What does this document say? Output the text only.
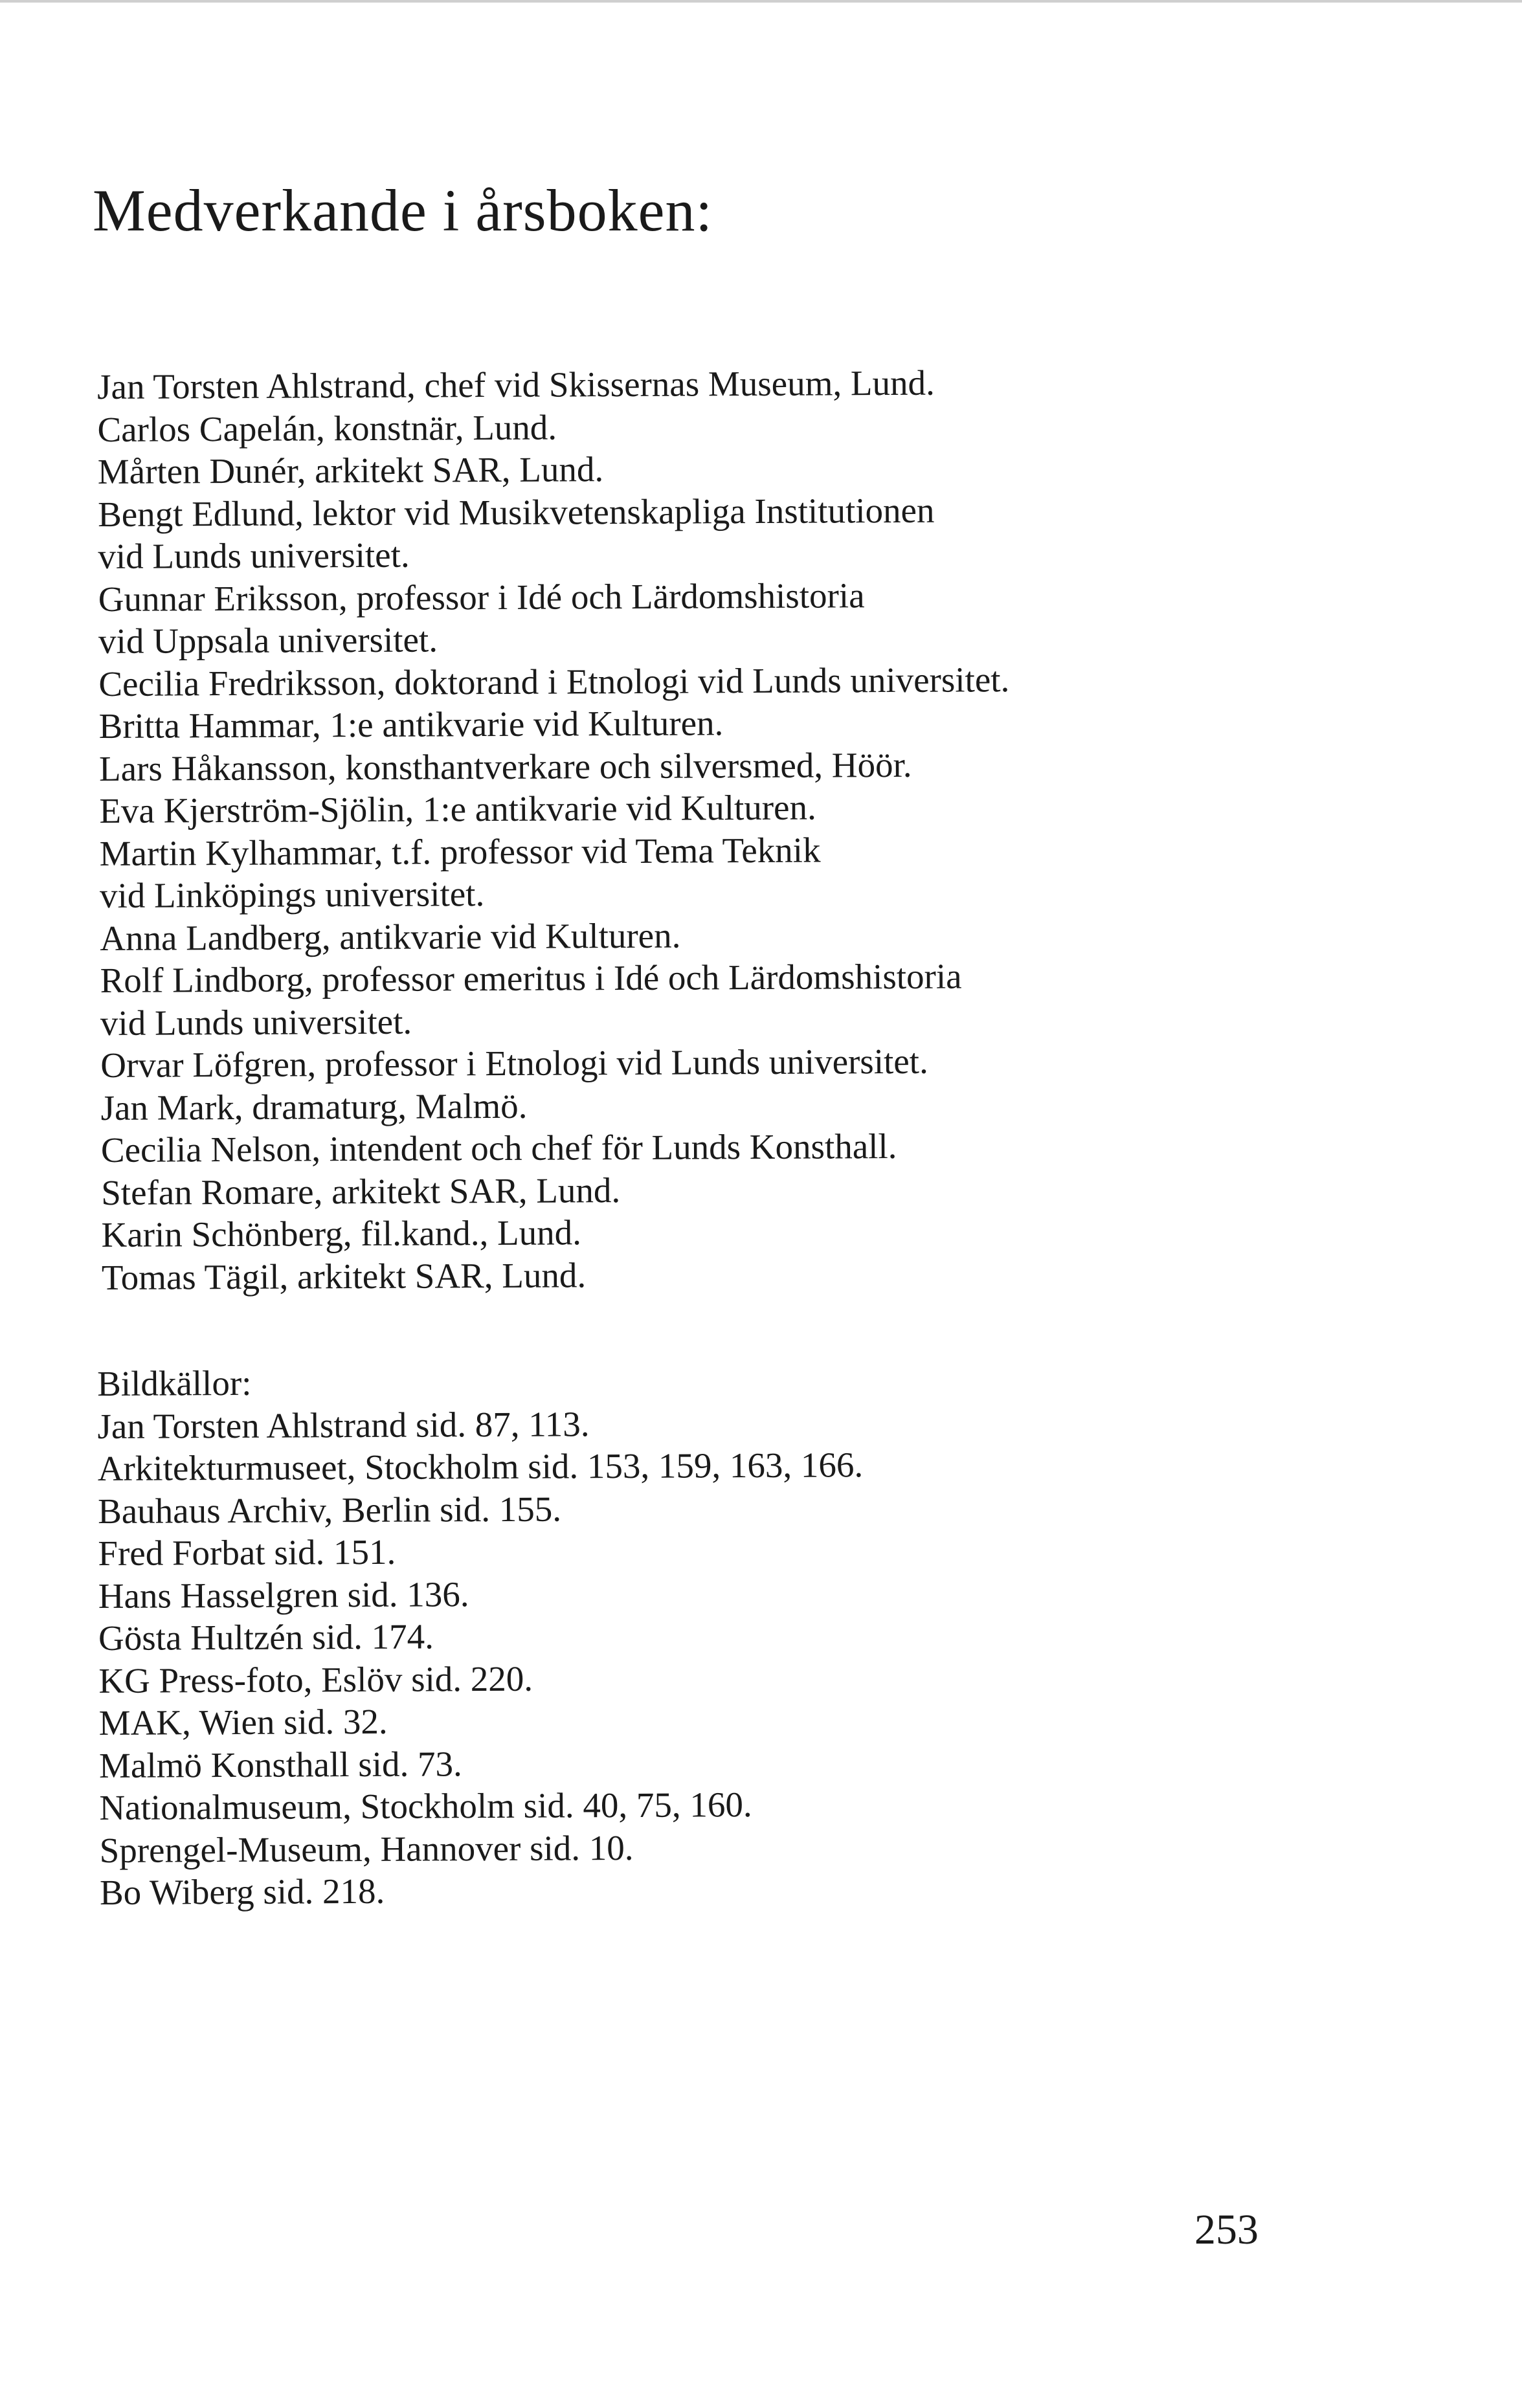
Medverkande i årsboken:
Jan Torsten Ahlstrand, chef vid Skissernas Museum, Lund.
Carlos Capelán, konstnär, Lund.
Mårten Dunér, arkitekt SAR, Lund.
Bengt Edlund, lektor vid Musikvetenskapliga Institutionen
vid Lunds universitet.
Gunnar Eriksson, professor i Idé och Lärdomshistoria
vid Uppsala universitet.
Cecilia Fredriksson, doktorand i Etnologi vid Lunds universitet.
Britta Hammar, 1:e antikvarie vid Kulturen.
Lars Håkansson, konsthantverkare och silversmed, Höör.
Eva Kjerström-Sjölin, 1:e antikvarie vid Kulturen.
Martin Kylhammar, t.f. professor vid Tema Teknik
vid Linköpings universitet.
Anna Landberg, antikvarie vid Kulturen.
Rolf Lindborg, professor emeritus i Idé och Lärdomshistoria
vid Lunds universitet.
Orvar Löfgren, professor i Etnologi vid Lunds universitet.
Jan Mark, dramaturg, Malmö.
Cecilia Nelson, intendent och chef för Lunds Konsthall.
Stefan Romare, arkitekt SAR, Lund.
Karin Schönberg, fil.kand., Lund.
Tomas Tägil, arkitekt SAR, Lund.
Bildkällor:
Jan Torsten Ahlstrand sid. 87, 113.
Arkitekturmuseet, Stockholm sid. 153, 159, 163, 166.
Bauhaus Archiv, Berlin sid. 155.
Fred Forbat sid. 151.
Hans Hasselgren sid. 136.
Gösta Hultzén sid. 174.
KG Press-foto, Eslöv sid. 220.
MAK, Wien sid. 32.
Malmö Konsthall sid. 73.
Nationalmuseum, Stockholm sid. 40, 75, 160.
Sprengel-Museum, Hannover sid. 10.
Bo Wiberg sid. 218.
253
